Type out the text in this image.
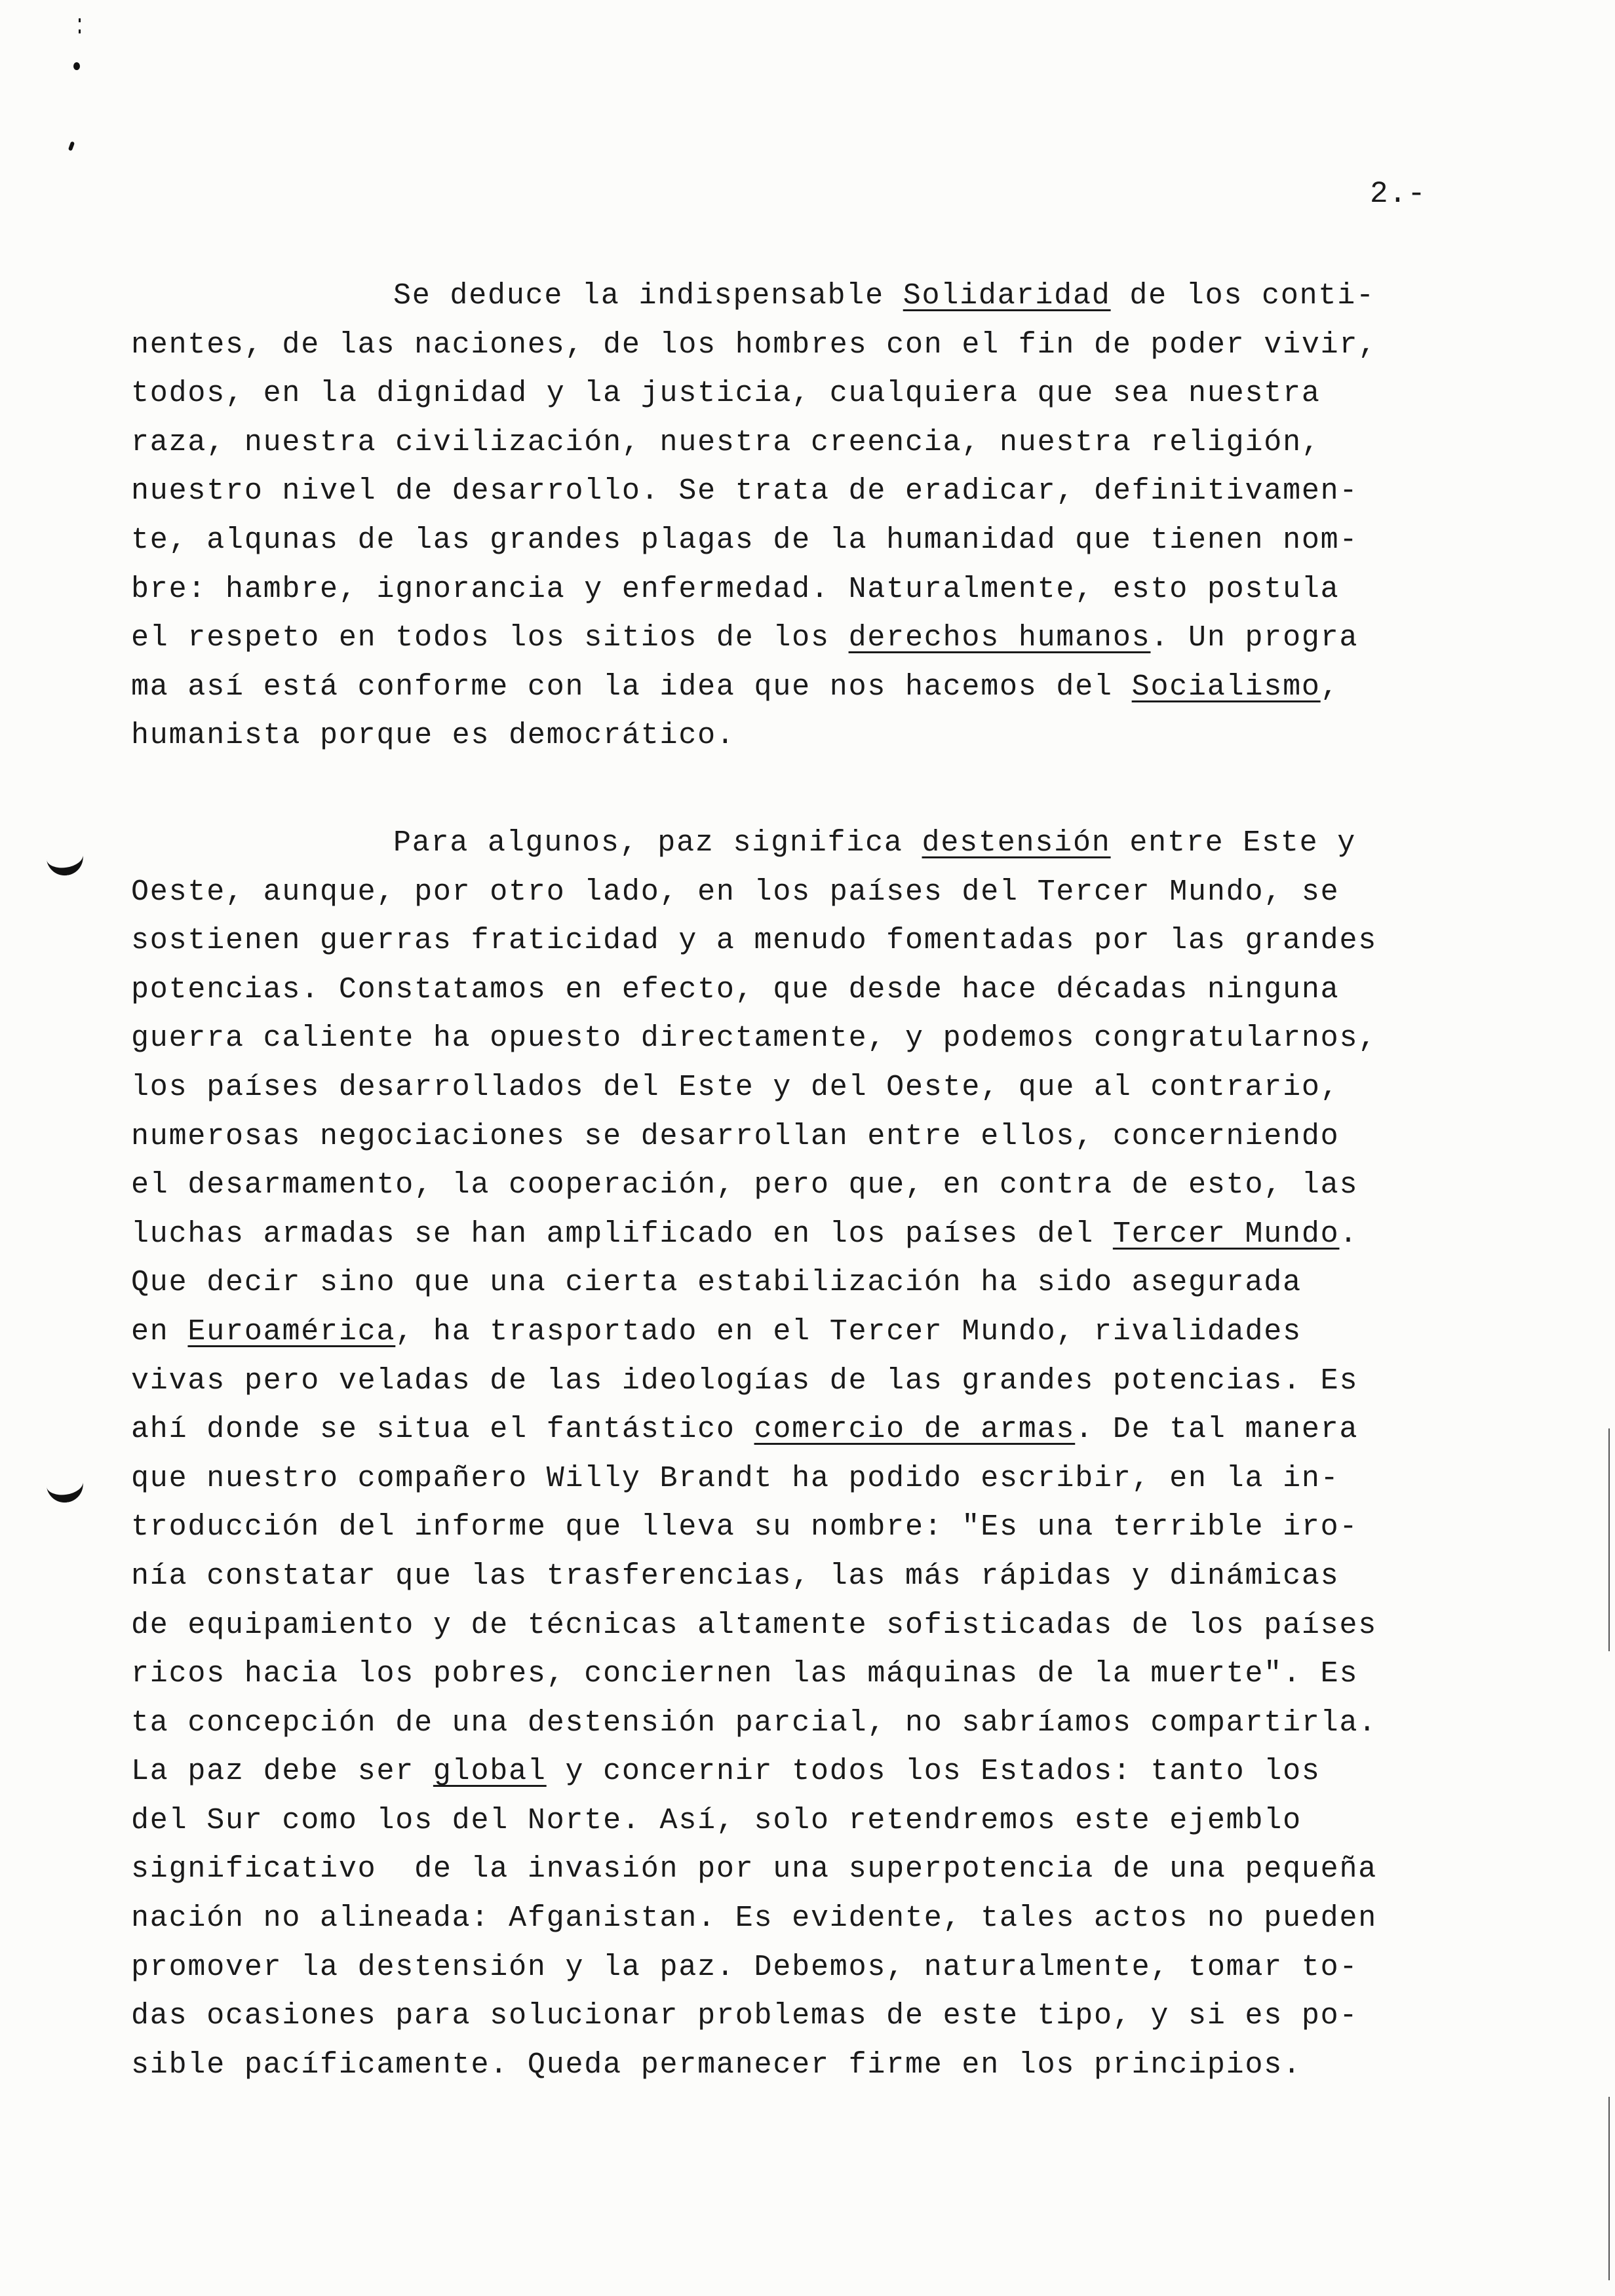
2.-
Se deduce la indispensable Solidaridad de los conti-
nentes, de las naciones, de los hombres con el fin de poder vivir,
todos, en la dignidad y la justicia, cualquiera que sea nuestra
raza, nuestra civilización, nuestra creencia, nuestra religión,
nuestro nivel de desarrollo. Se trata de eradicar, definitivamen-
te, alqunas de las grandes plagas de la humanidad que tienen nom-
bre: hambre, ignorancia y enfermedad. Naturalmente, esto postula
el respeto en todos los sitios de los derechos humanos. Un progra
ma así está conforme con la idea que nos hacemos del Socialismo,
humanista porque es democrático.
Para algunos, paz significa destensión entre Este y
Oeste, aunque, por otro lado, en los países del Tercer Mundo, se
sostienen guerras fraticidad y a menudo fomentadas por las grandes
potencias. Constatamos en efecto, que desde hace décadas ninguna
guerra caliente ha opuesto directamente, y podemos congratularnos,
los países desarrollados del Este y del Oeste, que al contrario,
numerosas negociaciones se desarrollan entre ellos, concerniendo
el desarmamento, la cooperación, pero que, en contra de esto, las
luchas armadas se han amplificado en los países del Tercer Mundo.
Que decir sino que una cierta estabilización ha sido asegurada
en Euroamérica, ha trasportado en el Tercer Mundo, rivalidades
vivas pero veladas de las ideologías de las grandes potencias. Es
ahí donde se situa el fantástico comercio de armas. De tal manera
que nuestro compañero Willy Brandt ha podido escribir, en la in-
troducción del informe que lleva su nombre: "Es una terrible iro-
nía constatar que las trasferencias, las más rápidas y dinámicas
de equipamiento y de técnicas altamente sofisticadas de los países
ricos hacia los pobres, conciernen las máquinas de la muerte". Es
ta concepción de una destensión parcial, no sabríamos compartirla.
La paz debe ser global y concernir todos los Estados: tanto los
del Sur como los del Norte. Así, solo retendremos este ejemblo
significativo  de la invasión por una superpotencia de una pequeña
nación no alineada: Afganistan. Es evidente, tales actos no pueden
promover la destensión y la paz. Debemos, naturalmente, tomar to-
das ocasiones para solucionar problemas de este tipo, y si es po-
sible pacíficamente. Queda permanecer firme en los principios.
